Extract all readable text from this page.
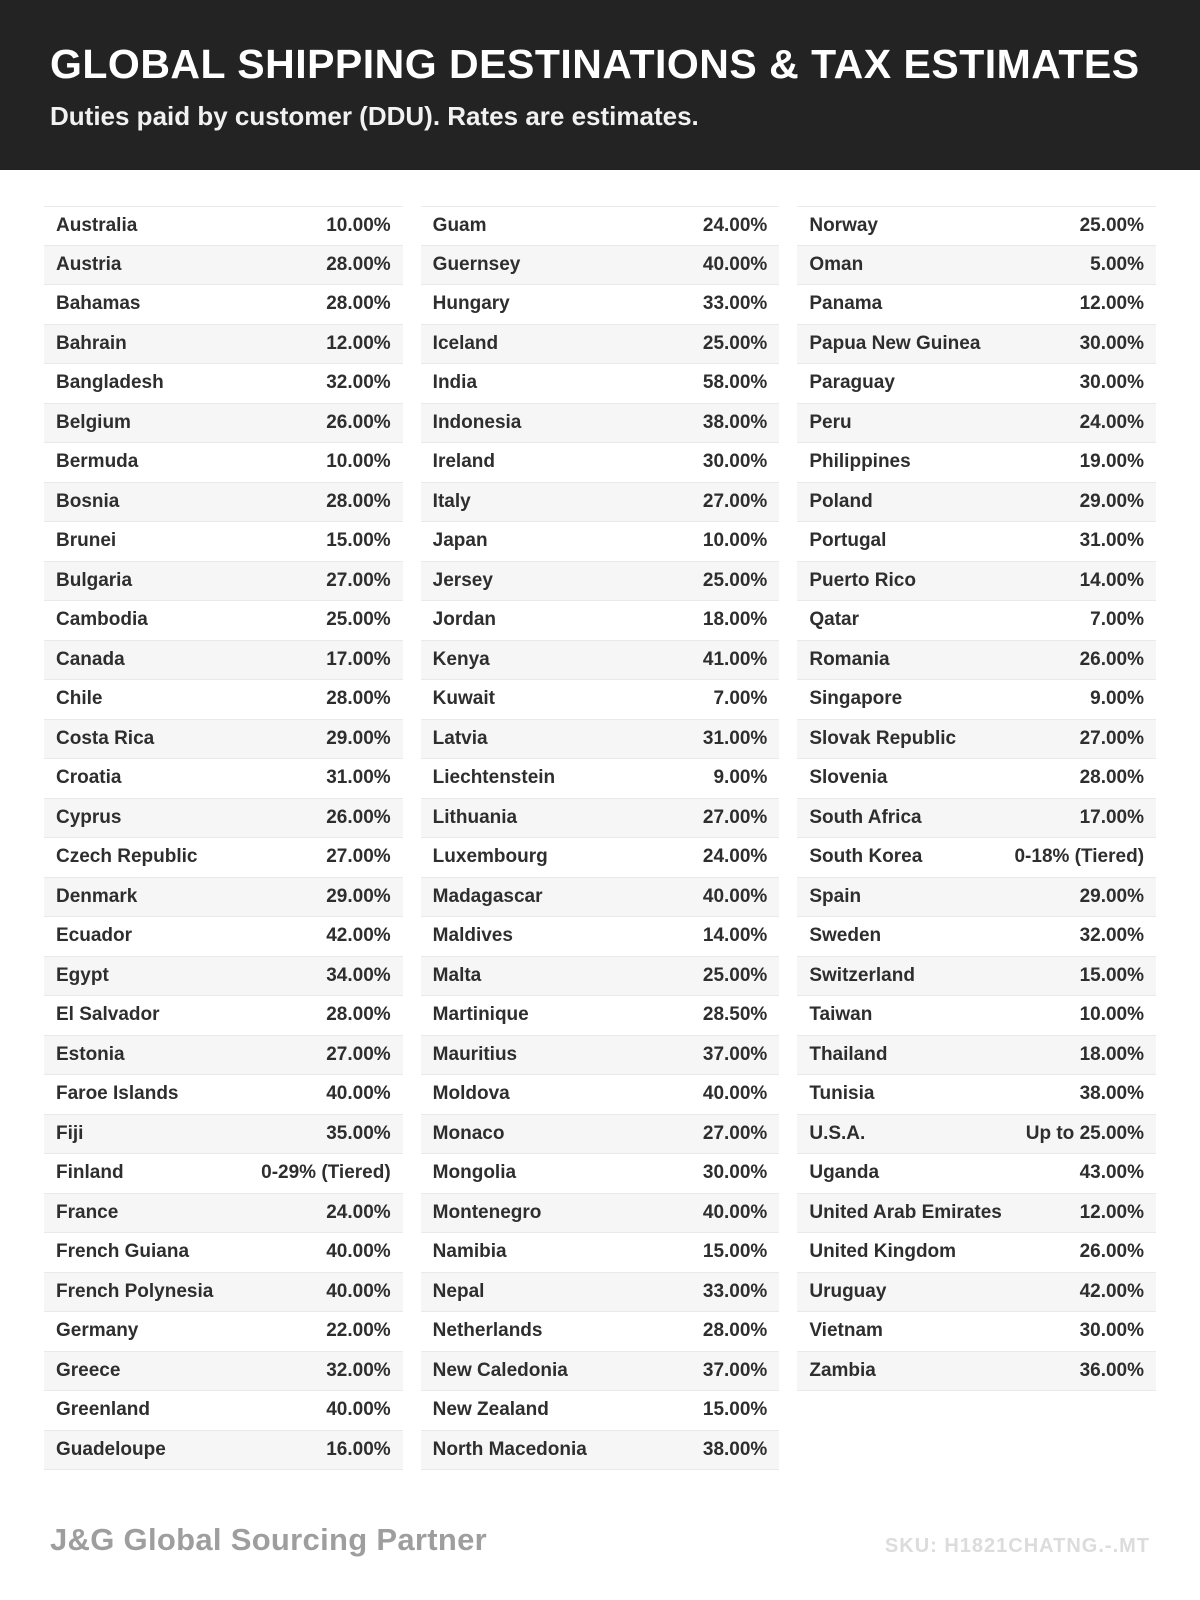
GLOBAL SHIPPING DESTINATIONS & TAX ESTIMATES
Duties paid by customer (DDU). Rates are estimates.
Australia	10.00%
Austria	28.00%
Bahamas	28.00%
Bahrain	12.00%
Bangladesh	32.00%
Belgium	26.00%
Bermuda	10.00%
Bosnia	28.00%
Brunei	15.00%
Bulgaria	27.00%
Cambodia	25.00%
Canada	17.00%
Chile	28.00%
Costa Rica	29.00%
Croatia	31.00%
Cyprus	26.00%
Czech Republic	27.00%
Denmark	29.00%
Ecuador	42.00%
Egypt	34.00%
El Salvador	28.00%
Estonia	27.00%
Faroe Islands	40.00%
Fiji	35.00%
Finland	0-29% (Tiered)
France	24.00%
French Guiana	40.00%
French Polynesia	40.00%
Germany	22.00%
Greece	32.00%
Greenland	40.00%
Guadeloupe	16.00%
Guam	24.00%
Guernsey	40.00%
Hungary	33.00%
Iceland	25.00%
India	58.00%
Indonesia	38.00%
Ireland	30.00%
Italy	27.00%
Japan	10.00%
Jersey	25.00%
Jordan	18.00%
Kenya	41.00%
Kuwait	7.00%
Latvia	31.00%
Liechtenstein	9.00%
Lithuania	27.00%
Luxembourg	24.00%
Madagascar	40.00%
Maldives	14.00%
Malta	25.00%
Martinique	28.50%
Mauritius	37.00%
Moldova	40.00%
Monaco	27.00%
Mongolia	30.00%
Montenegro	40.00%
Namibia	15.00%
Nepal	33.00%
Netherlands	28.00%
New Caledonia	37.00%
New Zealand	15.00%
North Macedonia	38.00%
Norway	25.00%
Oman	5.00%
Panama	12.00%
Papua New Guinea	30.00%
Paraguay	30.00%
Peru	24.00%
Philippines	19.00%
Poland	29.00%
Portugal	31.00%
Puerto Rico	14.00%
Qatar	7.00%
Romania	26.00%
Singapore	9.00%
Slovak Republic	27.00%
Slovenia	28.00%
South Africa	17.00%
South Korea	0-18% (Tiered)
Spain	29.00%
Sweden	32.00%
Switzerland	15.00%
Taiwan	10.00%
Thailand	18.00%
Tunisia	38.00%
U.S.A.	Up to 25.00%
Uganda	43.00%
United Arab Emirates	12.00%
United Kingdom	26.00%
Uruguay	42.00%
Vietnam	30.00%
Zambia	36.00%
J&G Global Sourcing Partner	SKU: H1821CHATNG.-.MT
